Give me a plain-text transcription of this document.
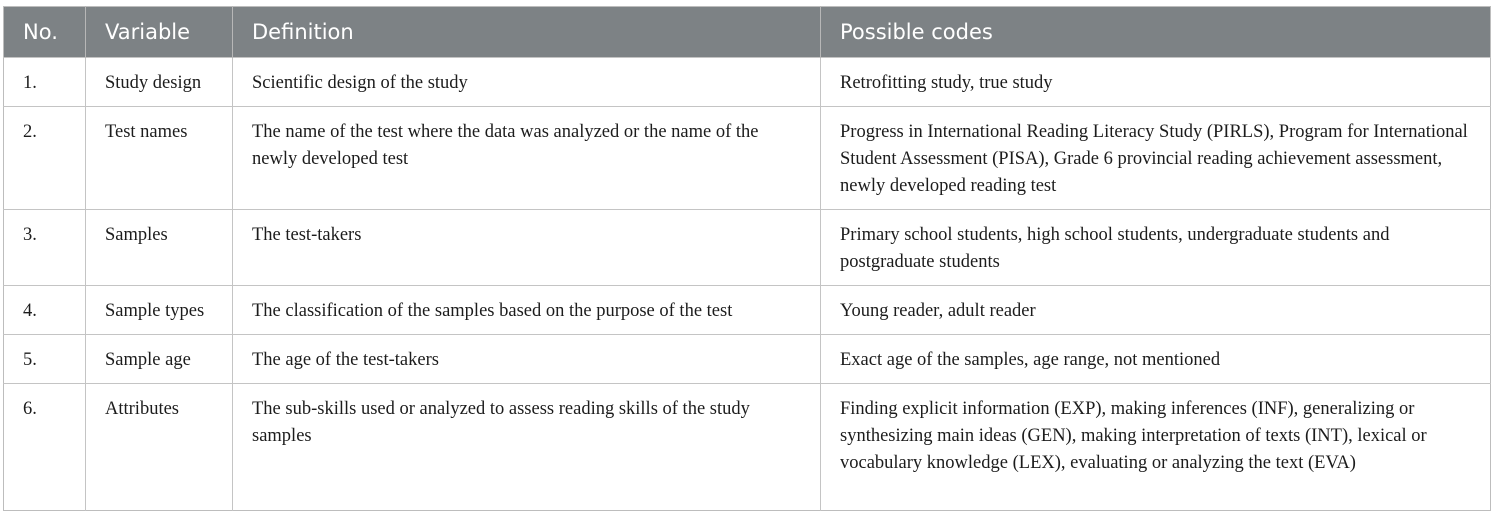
No.	Variable	Definition	Possible codes
1.	Study design	Scientific design of the study	Retrofitting study, true study
2.	Test names	The name of the test where the data was analyzed or the name of the newly developed test	Progress in International Reading Literacy Study (PIRLS), Program for International Student Assessment (PISA), Grade 6 provincial reading achievement assessment, newly developed reading test
3.	Samples	The test-takers	Primary school students, high school students, undergraduate students and postgraduate students
4.	Sample types	The classification of the samples based on the purpose of the test	Young reader, adult reader
5.	Sample age	The age of the test-takers	Exact age of the samples, age range, not mentioned
6.	Attributes	The sub-skills used or analyzed to assess reading skills of the study samples	Finding explicit information (EXP), making inferences (INF), generalizing or synthesizing main ideas (GEN), making interpretation of texts (INT), lexical or vocabulary knowledge (LEX), evaluating or analyzing the text (EVA)
